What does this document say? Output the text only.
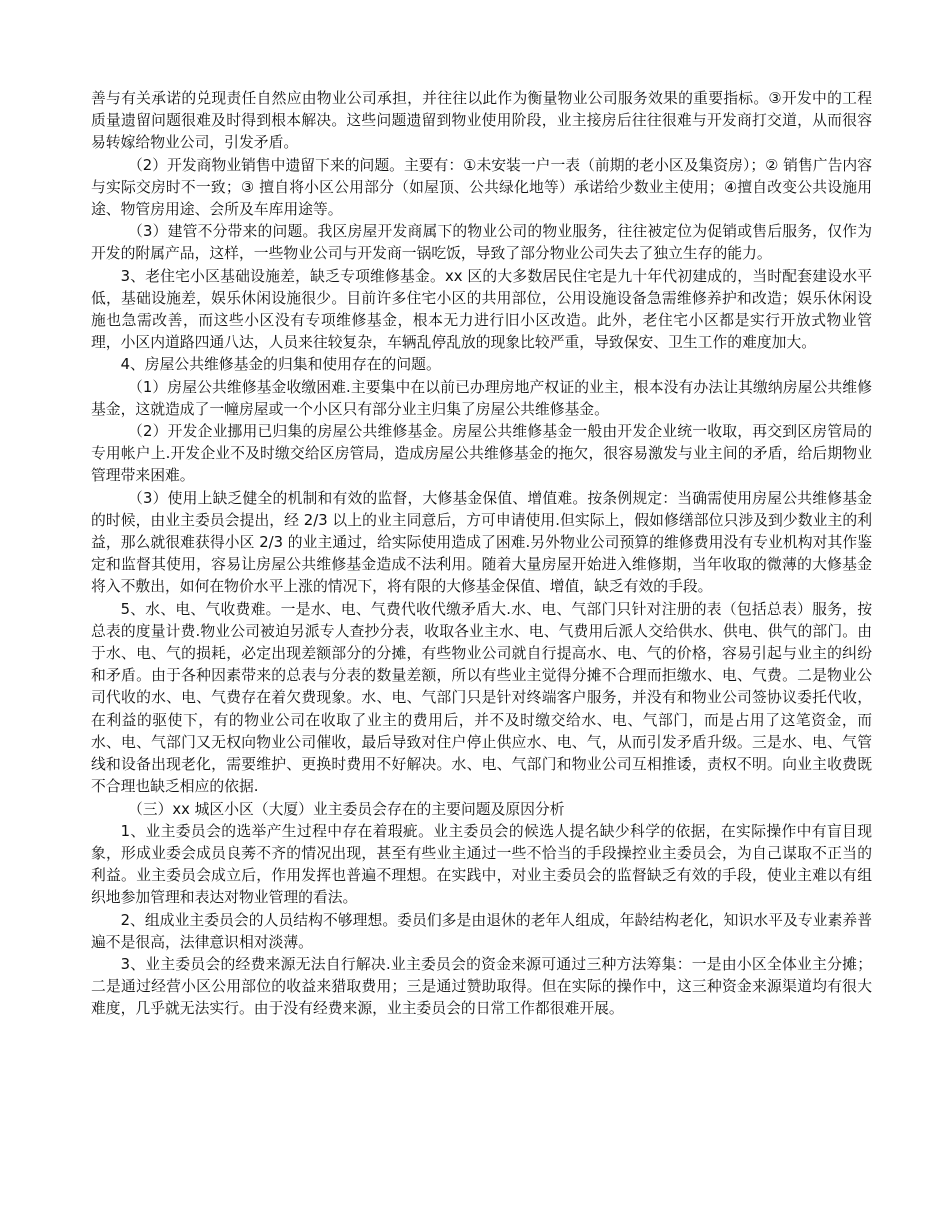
善与有关承诺的兑现责任自然应由物业公司承担，并往往以此作为衡量物业公司服务效果的重要指标。③开发中的工程质量遗留问题很难及时得到根本解决。这些问题遗留到物业使用阶段，业主接房后往往很难与开发商打交道，从而很容易转嫁给物业公司，引发矛盾。

（2）开发商物业销售中遗留下来的问题。主要有：①未安装一户一表（前期的老小区及集资房）；② 销售广告内容与实际交房时不一致；③ 擅自将小区公用部分（如屋顶、公共绿化地等）承诺给少数业主使用；④擅自改变公共设施用途、物管房用途、会所及车库用途等。

（3）建管不分带来的问题。我区房屋开发商属下的物业公司的物业服务，往往被定位为促销或售后服务，仅作为开发的附属产品，这样，一些物业公司与开发商一锅吃饭，导致了部分物业公司失去了独立生存的能力。

3、老住宅小区基础设施差，缺乏专项维修基金。xx 区的大多数居民住宅是九十年代初建成的，当时配套建设水平低，基础设施差，娱乐休闲设施很少。目前许多住宅小区的共用部位，公用设施设备急需维修养护和改造；娱乐休闲设施也急需改善，而这些小区没有专项维修基金，根本无力进行旧小区改造。此外，老住宅小区都是实行开放式物业管理，小区内道路四通八达，人员来往较复杂，车辆乱停乱放的现象比较严重，导致保安、卫生工作的难度加大。

4、房屋公共维修基金的归集和使用存在的问题。

（1）房屋公共维修基金收缴困难.主要集中在以前已办理房地产权证的业主，根本没有办法让其缴纳房屋公共维修基金，这就造成了一幢房屋或一个小区只有部分业主归集了房屋公共维修基金。

（2）开发企业挪用已归集的房屋公共维修基金。房屋公共维修基金一般由开发企业统一收取，再交到区房管局的专用帐户上.开发企业不及时缴交给区房管局，造成房屋公共维修基金的拖欠，很容易激发与业主间的矛盾，给后期物业管理带来困难。

（3）使用上缺乏健全的机制和有效的监督，大修基金保值、增值难。按条例规定：当确需使用房屋公共维修基金的时候，由业主委员会提出，经 2/3 以上的业主同意后，方可申请使用.但实际上，假如修缮部位只涉及到少数业主的利益，那么就很难获得小区 2/3 的业主通过，给实际使用造成了困难.另外物业公司预算的维修费用没有专业机构对其作鉴定和监督其使用，容易让房屋公共维修基金造成不法利用。随着大量房屋开始进入维修期，当年收取的微薄的大修基金将入不敷出，如何在物价水平上涨的情况下，将有限的大修基金保值、增值，缺乏有效的手段。

5、水、电、气收费难。一是水、电、气费代收代缴矛盾大.水、电、气部门只针对注册的表（包括总表）服务，按总表的度量计费.物业公司被迫另派专人查抄分表，收取各业主水、电、气费用后派人交给供水、供电、供气的部门。由于水、电、气的损耗，必定出现差额部分的分摊，有些物业公司就自行提高水、电、气的价格，容易引起与业主的纠纷和矛盾。由于各种因素带来的总表与分表的数量差额，所以有些业主觉得分摊不合理而拒缴水、电、气费。二是物业公司代收的水、电、气费存在着欠费现象。水、电、气部门只是针对终端客户服务，并没有和物业公司签协议委托代收，在利益的驱使下，有的物业公司在收取了业主的费用后，并不及时缴交给水、电、气部门，而是占用了这笔资金，而水、电、气部门又无权向物业公司催收，最后导致对住户停止供应水、电、气，从而引发矛盾升级。三是水、电、气管线和设备出现老化，需要维护、更换时费用不好解决。水、电、气部门和物业公司互相推诿，责权不明。向业主收费既不合理也缺乏相应的依据.

（三）xx 城区小区（大厦）业主委员会存在的主要问题及原因分析

1、业主委员会的选举产生过程中存在着瑕疵。业主委员会的候选人提名缺少科学的依据，在实际操作中有盲目现象，形成业委会成员良莠不齐的情况出现，甚至有些业主通过一些不恰当的手段操控业主委员会，为自己谋取不正当的利益。业主委员会成立后，作用发挥也普遍不理想。在实践中，对业主委员会的监督缺乏有效的手段，使业主难以有组织地参加管理和表达对物业管理的看法。

2、组成业主委员会的人员结构不够理想。委员们多是由退休的老年人组成，年龄结构老化，知识水平及专业素养普遍不是很高，法律意识相对淡薄。

3、业主委员会的经费来源无法自行解决.业主委员会的资金来源可通过三种方法筹集：一是由小区全体业主分摊；二是通过经营小区公用部位的收益来猎取费用；三是通过赞助取得。但在实际的操作中，这三种资金来源渠道均有很大难度，几乎就无法实行。由于没有经费来源，业主委员会的日常工作都很难开展。
